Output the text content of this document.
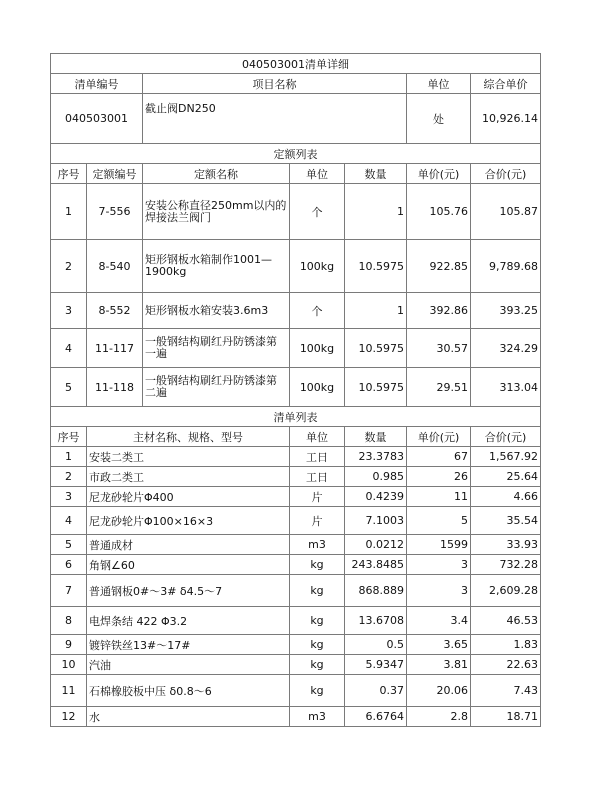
040503001清单详细						
清单编号		项目名称			单位	综合单价
040503001		截止阀DN250			处	10,926.14
定额列表						
序号	定额编号	定额名称	单位	数量	单价(元)	合价(元)
1	7-556	安装公称直径250mm以内的焊接法兰阀门	个	1	105.76	105.87
2	8-540	矩形钢板水箱制作1001—1900kg	100kg	10.5975	922.85	9,789.68
3	8-552	矩形钢板水箱安装3.6m3	个	1	392.86	393.25
4	11-117	一般钢结构刷红丹防锈漆第一遍	100kg	10.5975	30.57	324.29
5	11-118	一般钢结构刷红丹防锈漆第二遍	100kg	10.5975	29.51	313.04
清单列表						
序号	主材名称、规格、型号		单位	数量	单价(元)	合价(元)
1	安装二类工		工日	23.3783	67	1,567.92
2	市政二类工		工日	0.985	26	25.64
3	尼龙砂轮片Φ400		片	0.4239	11	4.66
4	尼龙砂轮片Φ100×16×3		片	7.1003	5	35.54
5	普通成材		m3	0.0212	1599	33.93
6	角钢∠60		kg	243.8485	3	732.28
7	普通钢板0#～3# δ4.5～7		kg	868.889	3	2,609.28
8	电焊条结 422 Φ3.2		kg	13.6708	3.4	46.53
9	镀锌铁丝13#～17#		kg	0.5	3.65	1.83
10	汽油		kg	5.9347	3.81	22.63
11	石棉橡胶板中压 δ0.8～6		kg	0.37	20.06	7.43
12	水		m3	6.6764	2.8	18.71
